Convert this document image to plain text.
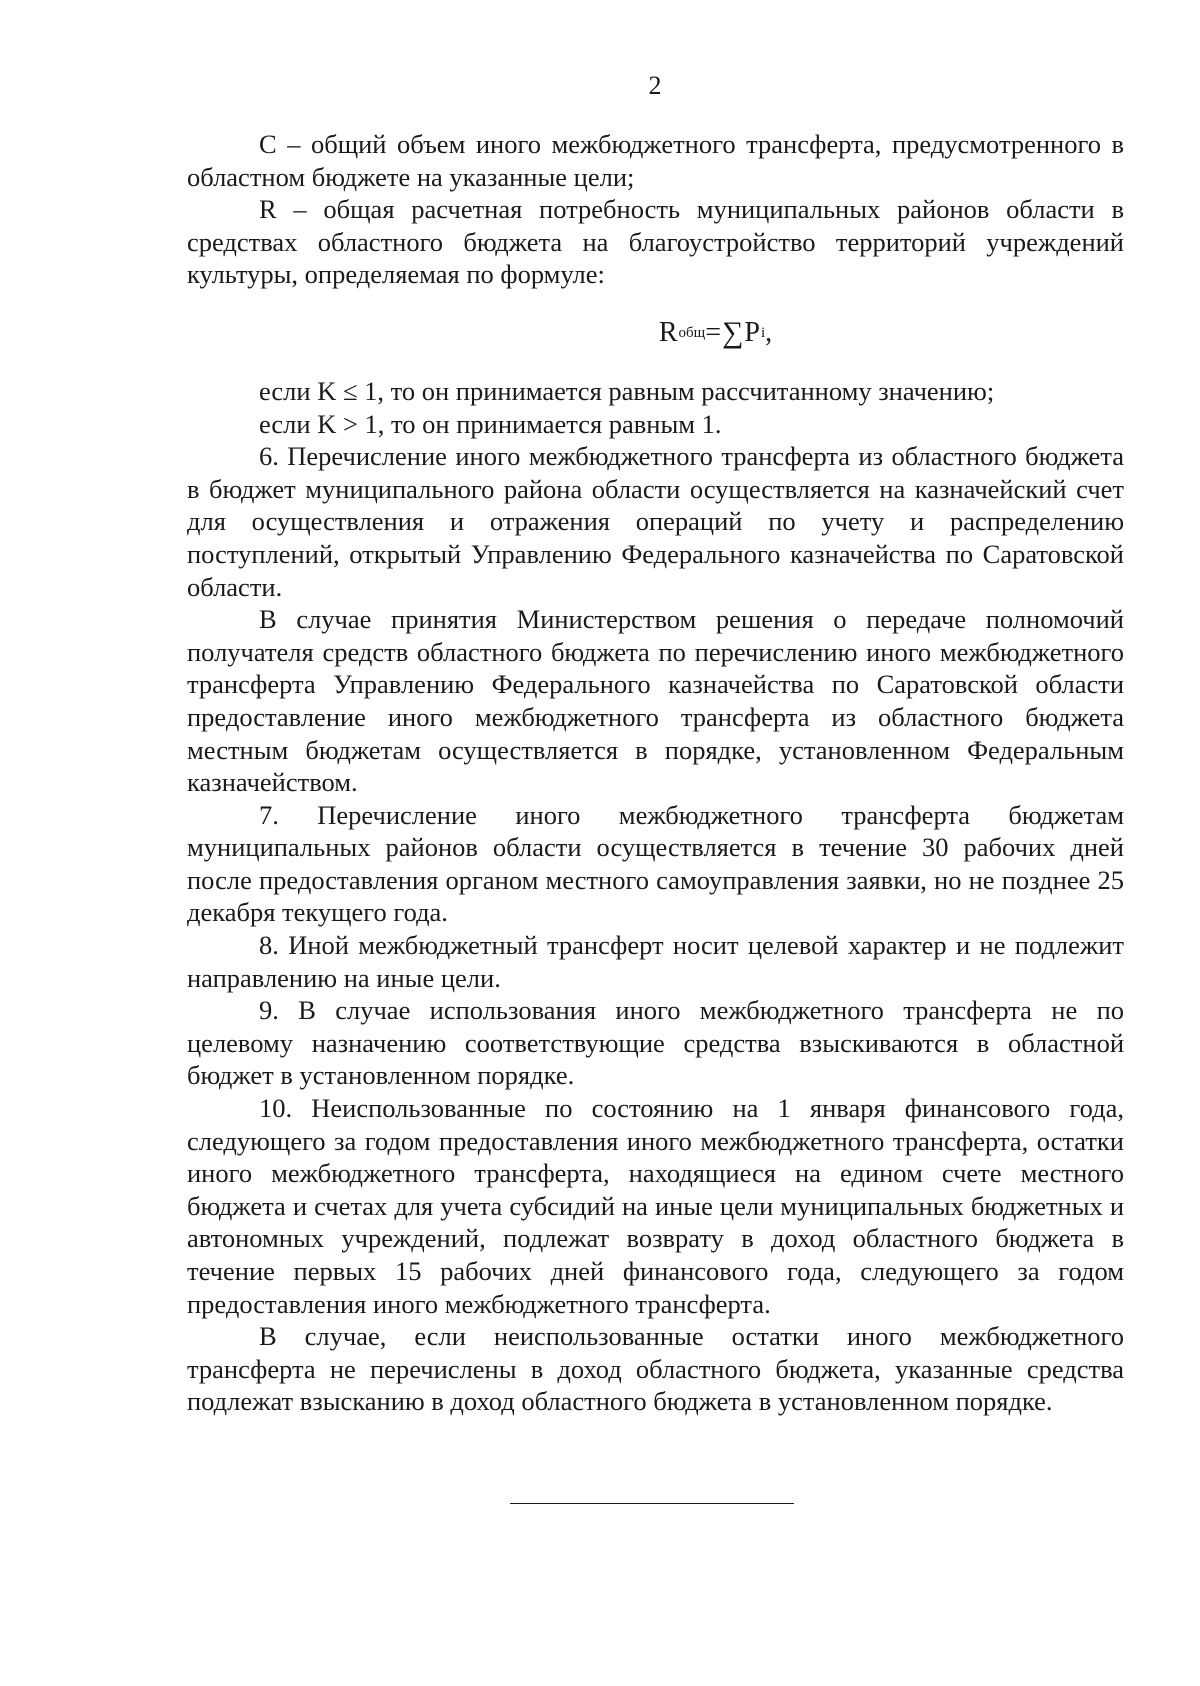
2

C – общий объем иного межбюджетного трансферта, предусмотренного в областном бюджете на указанные цели;

R – общая расчетная потребность муниципальных районов области в средствах областного бюджета на благоустройство территорий учреждений культуры, определяемая по формуле:

R общ = ∑ P i ,

если K ≤ 1, то он принимается равным рассчитанному значению;

если K > 1, то он принимается равным 1.

6. Перечисление иного межбюджетного трансферта из областного бюджета в бюджет муниципального района области осуществляется на казначейский счет для осуществления и отражения операций по учету и распределению поступлений, открытый Управлению Федерального казначейства по Саратовской области.

В случае принятия Министерством решения о передаче полномочий получателя средств областного бюджета по перечислению иного межбюджетного трансферта Управлению Федерального казначейства по Саратовской области предоставление иного межбюджетного трансферта из областного бюджета местным бюджетам осуществляется в порядке, установленном Федеральным казначейством.

7. Перечисление иного межбюджетного трансферта бюджетам муниципальных районов области осуществляется в течение 30 рабочих дней после предоставления органом местного самоуправления заявки, но не позднее 25 декабря текущего года.

8. Иной межбюджетный трансферт носит целевой характер и не подлежит направлению на иные цели.

9. В случае использования иного межбюджетного трансферта не по целевому назначению соответствующие средства взыскиваются в областной бюджет в установленном порядке.

10. Неиспользованные по состоянию на 1 января финансового года, следующего за годом предоставления иного межбюджетного трансферта, остатки иного межбюджетного трансферта, находящиеся на едином счете местного бюджета и счетах для учета субсидий на иные цели муниципальных бюджетных и автономных учреждений, подлежат возврату в доход областного бюджета в течение первых 15 рабочих дней финансового года, следующего за годом предоставления иного межбюджетного трансферта.

В случае, если неиспользованные остатки иного межбюджетного трансферта не перечислены в доход областного бюджета, указанные средства подлежат взысканию в доход областного бюджета в установленном порядке.
